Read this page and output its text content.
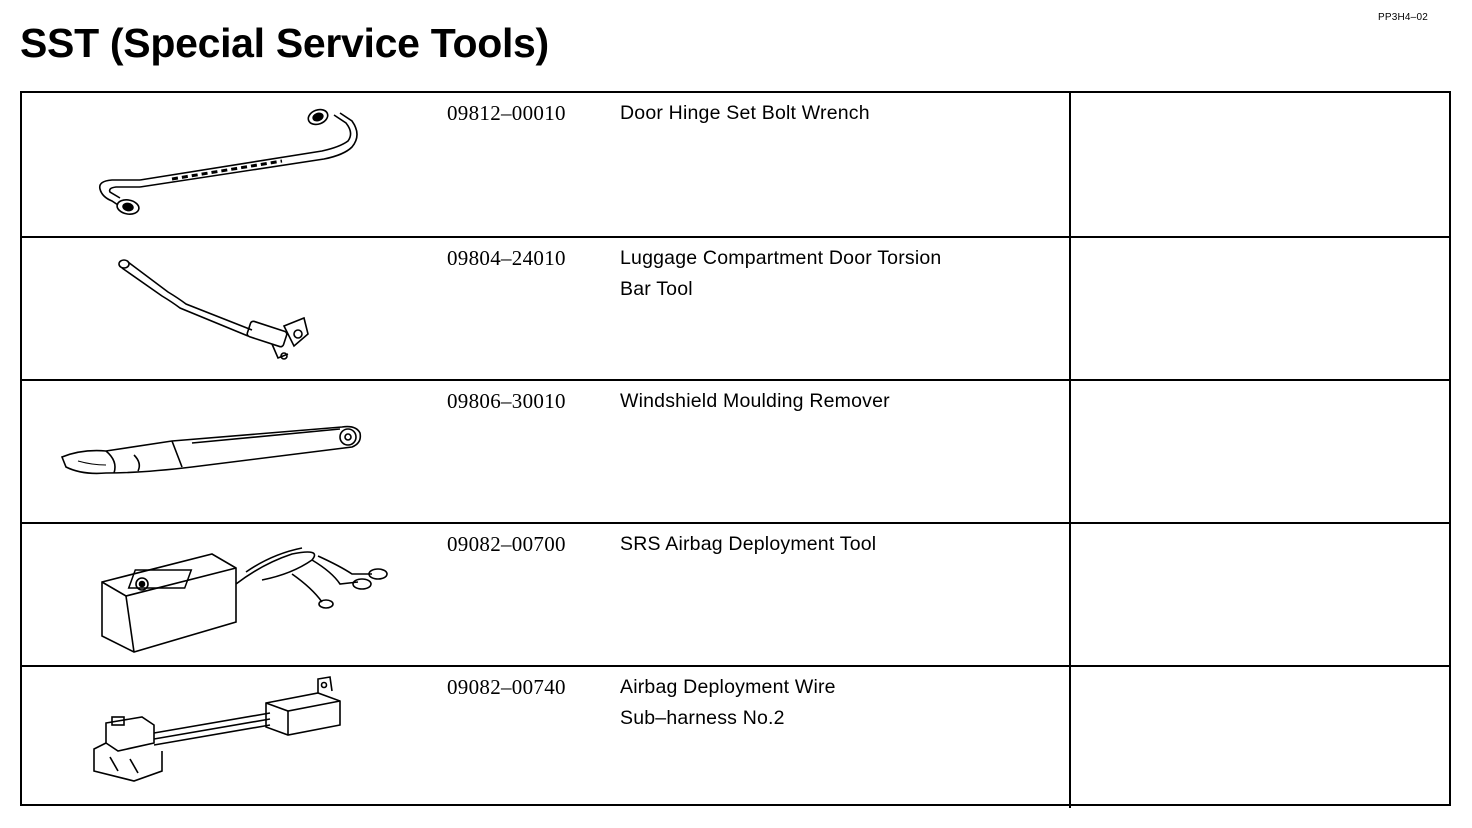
PP3H4–02
SST (Special Service Tools)
09812–00010	Door Hinge Set Bolt Wrench
09804–24010	Luggage Compartment Door Torsion
Bar Tool
09806–30010	Windshield Moulding Remover
09082–00700	SRS Airbag Deployment Tool
09082–00740	Airbag Deployment Wire
Sub–harness No.2
